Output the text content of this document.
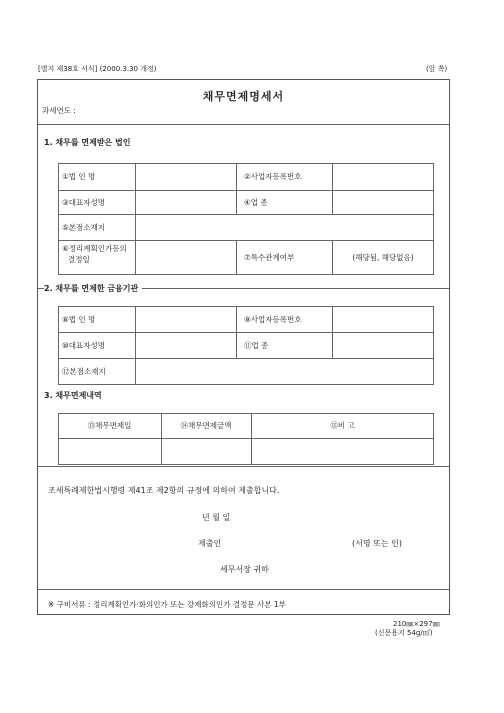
[별지 제38호 서식] (2000.3.30 개정)	(앞 쪽)
채무면제명세서
과세연도 :
1. 채무를 면제받은 법인
①법 인 명	②사업자등록번호
③대표자성명	④업 종
⑤본점소재지
⑥정리계획인가등의
결정일	⑦특수관계여부	(해당됨, 해당없음)
2. 채무를 면제한 금융기관
⑧법 인 명	⑨사업자등록번호
⑩대표자성명	⑪업 종
⑫본점소재지
3. 채무면제내역
⑬채무면제일	⑭채무면제금액	⑮비 고
조세특례제한법시행령 제41조 제2항의 규정에 의하여 제출합니다.
년 월 일
제출인	(서명 또는 인)
세무서장 귀하
※ 구비서류 : 정리계획인가·화의인가 또는 강제화의인가 결정문 사본 1부
210㎜×297㎜
(신문용지 54g/㎡)
